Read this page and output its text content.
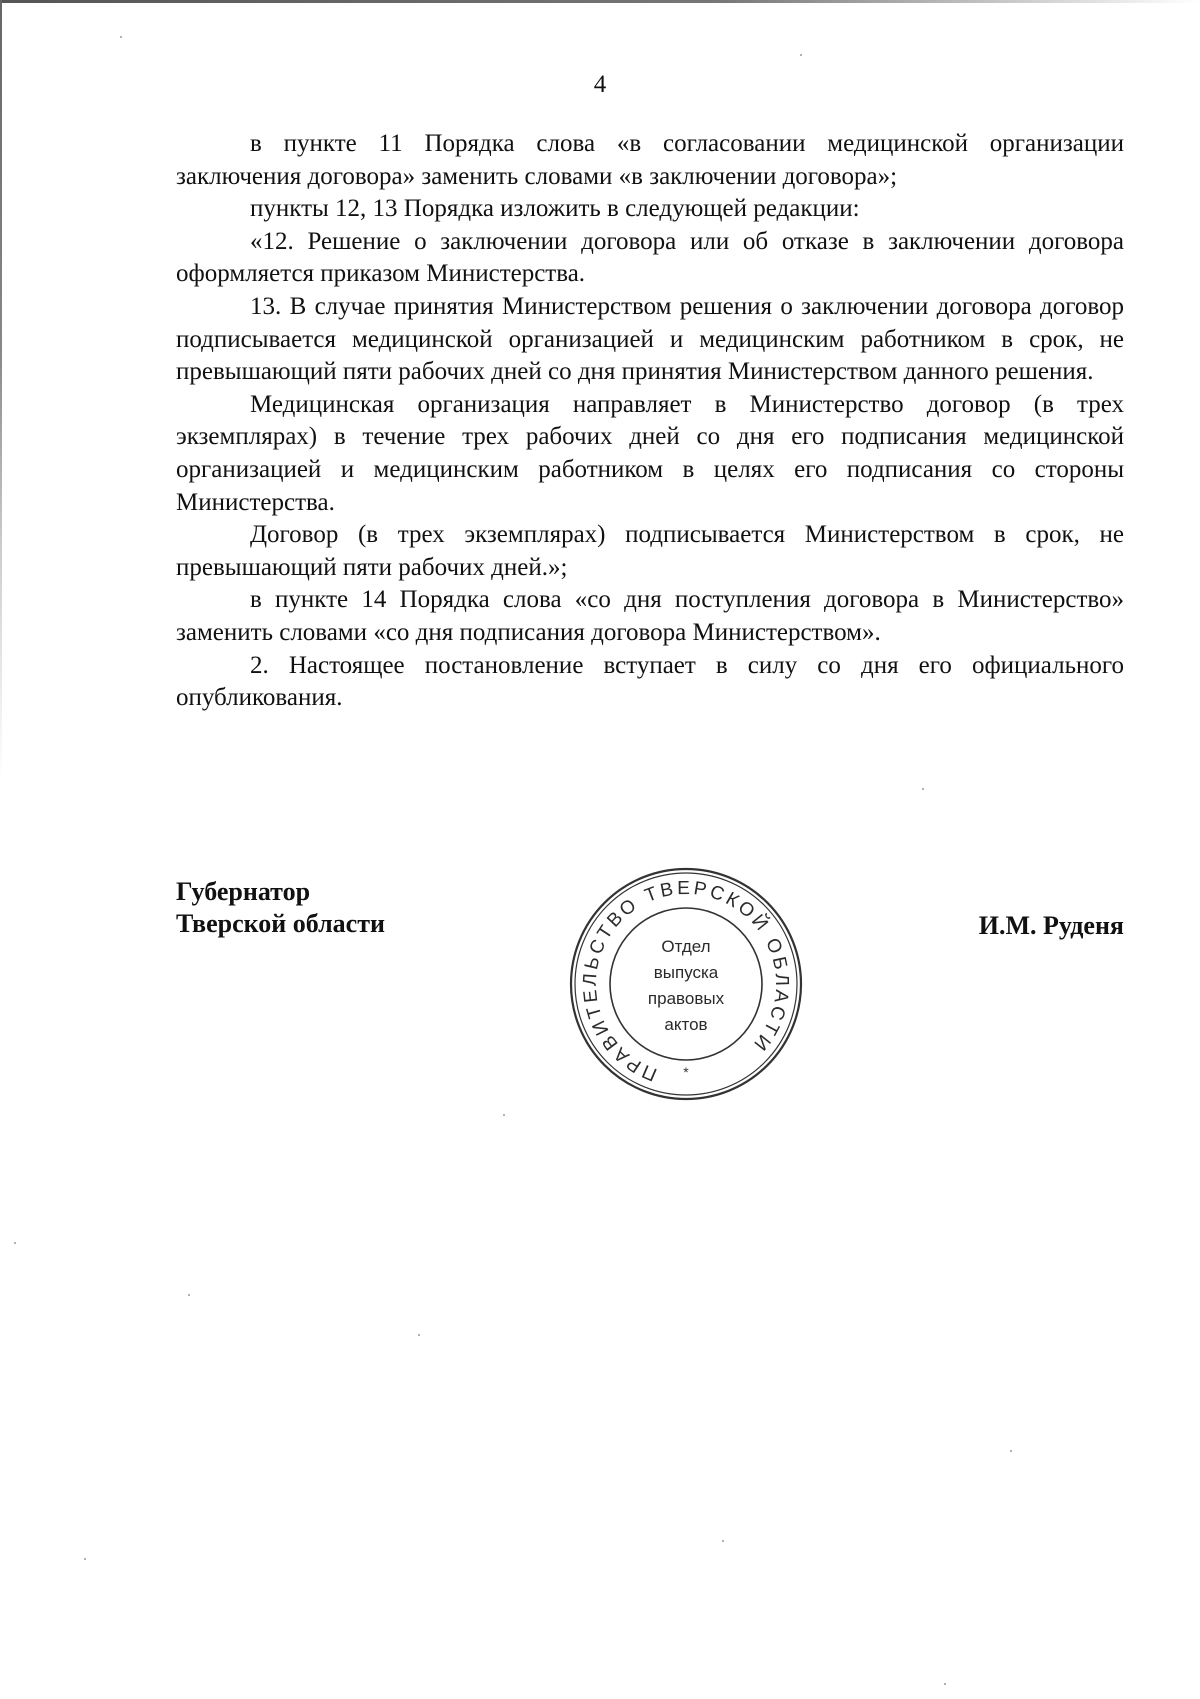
4

в пункте 11 Порядка слова «в согласовании медицинской организации заключения договора» заменить словами «в заключении договора»;

пункты 12, 13 Порядка изложить в следующей редакции:

«12. Решение о заключении договора или об отказе в заключении договора оформляется приказом Министерства.

13. В случае принятия Министерством решения о заключении договора договор подписывается медицинской организацией и медицинским работником в срок, не превышающий пяти рабочих дней со дня принятия Министерством данного решения.

Медицинская организация направляет в Министерство договор (в трех экземплярах) в течение трех рабочих дней со дня его подписания медицинской организацией и медицинским работником в целях его подписания со стороны Министерства.

Договор (в трех экземплярах) подписывается Министерством в срок, не превышающий пяти рабочих дней.»;

в пункте 14 Порядка слова «со дня поступления договора в Министерство» заменить словами «со дня подписания договора Министерством».

2. Настоящее постановление вступает в силу со дня его официального опубликования.

Губернатор
Тверской области	И.М. Руденя
ПРАВИТЕЛЬСТВО ТВЕРСКОЙ ОБЛАСТИ
Отдел
выпуска
правовых
актов
*
